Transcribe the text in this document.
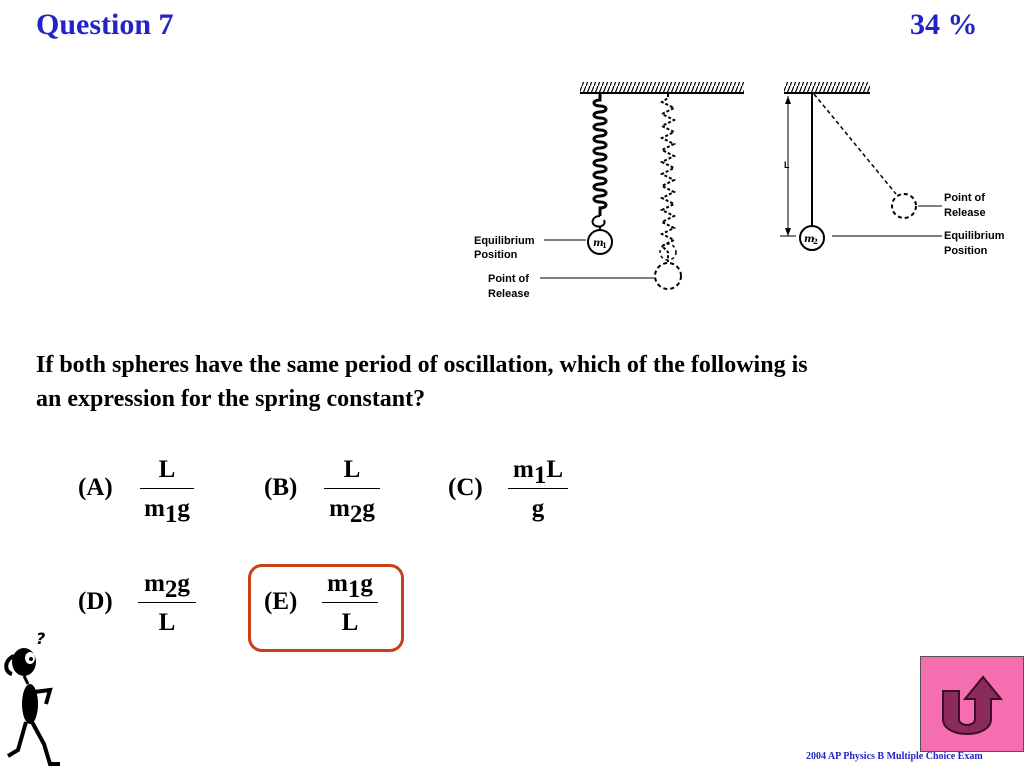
Question 7	34 %
m
1
Equilibrium
Position
Point of
Release
L
m
2
Point of
Release
Equilibrium
Position
If both spheres have the same period of oscillation, which of the following is an expression for the spring constant?
(A)
L
$m_1g$
(B)
L
$m_2g$
(C)
$m_1L$
g
(D)
$m_2g$
L
(E)
$m_1g$
L
?
2004 AP Physics B Multiple Choice Exam
